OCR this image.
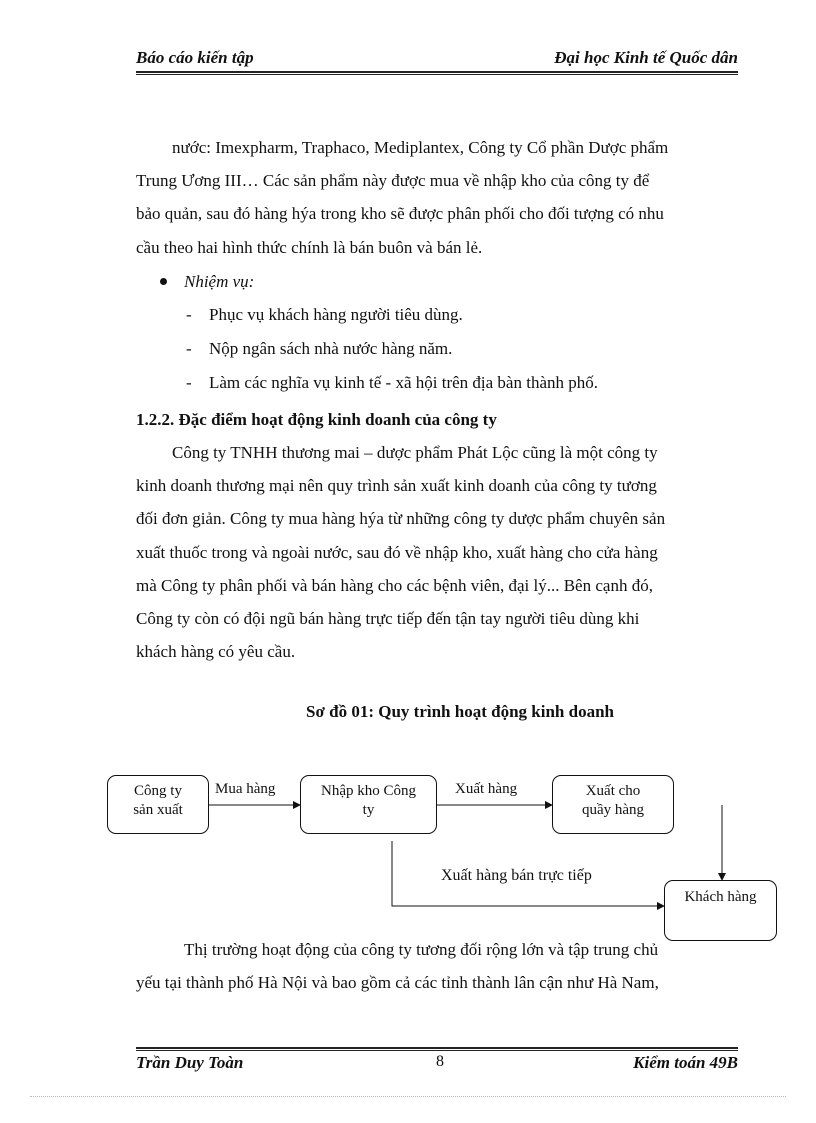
Báo cáo kiến tập	Đại học Kinh tế Quốc dân
nước: Imexpharm, Traphaco, Mediplantex, Công ty Cổ phần Dược phẩm
Trung Ương III… Các sản phẩm này được mua về nhập kho của công ty để
bảo quản, sau đó hàng hýa trong kho sẽ được phân phối cho đối tượng có nhu
cầu theo hai hình thức chính là bán buôn và bán lẻ.
Nhiệm vụ:
- Phục vụ khách hàng người tiêu dùng.
- Nộp ngân sách nhà nước hàng năm.
- Làm các nghĩa vụ kinh tế - xã hội trên địa bàn thành phố.
1.2.2. Đặc điểm hoạt động kinh doanh của công ty
Công ty TNHH thương mai – dược phẩm Phát Lộc cũng là một công ty
kinh doanh thương mại nên quy trình sản xuất kinh doanh của công ty tương
đối đơn giản. Công ty mua hàng hýa từ những công ty dược phẩm chuyên sản
xuất thuốc trong và ngoài nước, sau đó về nhập kho, xuất hàng cho cửa hàng
mà Công ty phân phối và bán hàng cho các bệnh viên, đại lý... Bên cạnh đó,
Công ty còn có đội ngũ bán hàng trực tiếp đến tận tay người tiêu dùng khi
khách hàng có yêu cầu.
Sơ đồ 01: Quy trình hoạt động kinh doanh
Công ty
sản xuất
Nhập kho Công
ty
Xuất cho
quầy hàng
Khách hàng
Mua hàng	Xuất hàng
Xuất hàng bán trực tiếp
Thị trường hoạt động của công ty tương đối rộng lớn và tập trung chủ
yếu tại thành phố Hà Nội và bao gồm cả các tỉnh thành lân cận như Hà Nam,
Trần Duy Toàn	8	Kiểm toán 49B
